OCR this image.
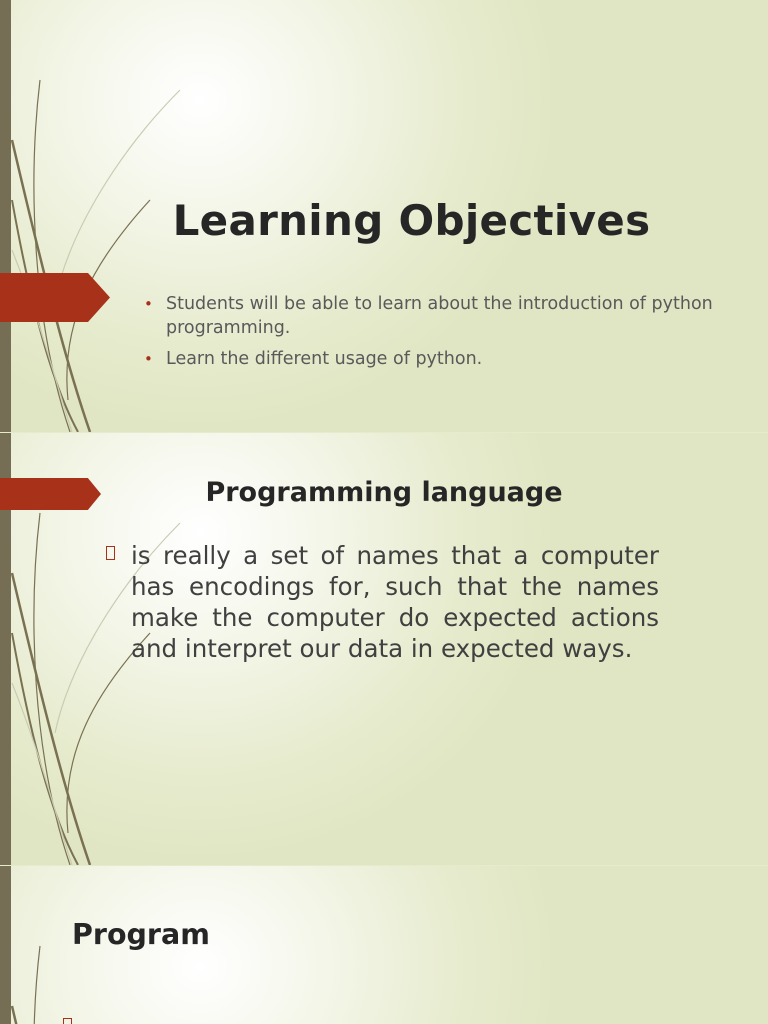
Learning Objectives
• Students will be able to learn about the introduction of python programming.
• Learn the different usage of python.
Programming language
is really a set of names that a computer has encodings for, such that the names make the computer do expected actions and interpret our data in expected ways.
Program
